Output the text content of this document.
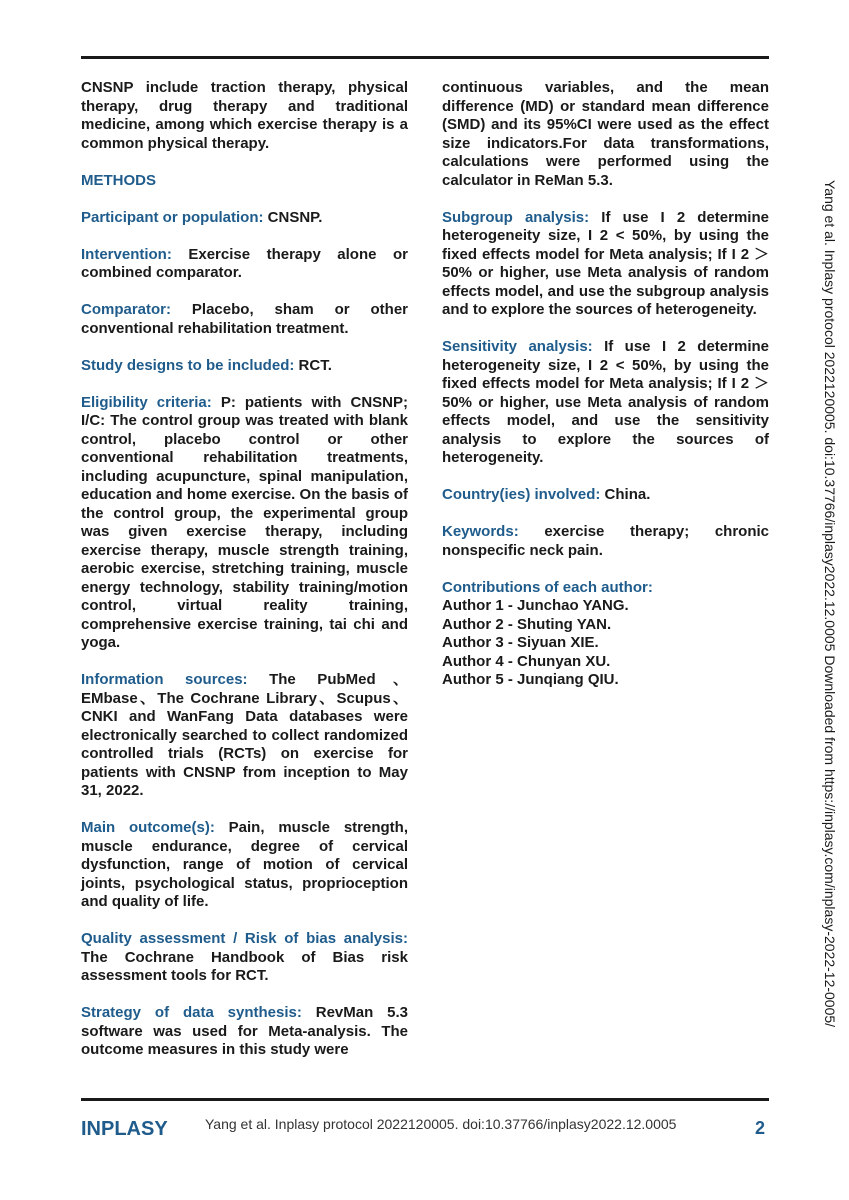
CNSNP include traction therapy, physical therapy, drug therapy and traditional medicine, among which exercise therapy is a common physical therapy.

METHODS

Participant or population: CNSNP.

Intervention: Exercise therapy alone or combined comparator.

Comparator: Placebo, sham or other conventional rehabilitation treatment.

Study designs to be included: RCT.

Eligibility criteria: P: patients with CNSNP; I/C: The control group was treated with blank control, placebo control or other conventional rehabilitation treatments, including acupuncture, spinal manipulation, education and home exercise. On the basis of the control group, the experimental group was given exercise therapy, including exercise therapy, muscle strength training, aerobic exercise, stretching training, muscle energy technology, stability training/motion control, virtual reality training, comprehensive exercise training, tai chi and yoga.

Information sources: The PubMed、EMbase、The Cochrane Library、Scupus、CNKI and WanFang Data databases were electronically searched to collect randomized controlled trials (RCTs) on exercise for patients with CNSNP from inception to May 31, 2022.

Main outcome(s): Pain, muscle strength, muscle endurance, degree of cervical dysfunction, range of motion of cervical joints, psychological status, proprioception and quality of life.

Quality assessment / Risk of bias analysis: The Cochrane Handbook of Bias risk assessment tools for RCT.

Strategy of data synthesis: RevMan 5.3 software was used for Meta-analysis. The outcome measures in this study were

continuous variables, and the mean difference (MD) or standard mean difference (SMD) and its 95%CI were used as the effect size indicators.For data transformations, calculations were performed using the calculator in ReMan 5.3.

Subgroup analysis: If use I 2 determine heterogeneity size, I 2 < 50%, by using the fixed effects model for Meta analysis; If I 2 ＞50% or higher, use Meta analysis of random effects model, and use the subgroup analysis and to explore the sources of heterogeneity.

Sensitivity analysis: If use I 2 determine heterogeneity size, I 2 < 50%, by using the fixed effects model for Meta analysis; If I 2 ＞50% or higher, use Meta analysis of random effects model, and use the sensitivity analysis to explore the sources of heterogeneity.

Country(ies) involved: China.

Keywords: exercise therapy; chronic nonspecific neck pain.

Contributions of each author:

Author 1 - Junchao YANG.

Author 2 - Shuting YAN.

Author 3 - Siyuan XIE.

Author 4 - Chunyan XU.

Author 5 - Junqiang QIU.	Yang et al. Inplasy protocol 2022120005. doi:10.37766/inplasy2022.12.0005 Downloaded from https://inplasy.com/inplasy-2022-12-0005/
INPLASY	Yang et al. Inplasy protocol 2022120005. doi:10.37766/inplasy2022.12.0005	2
